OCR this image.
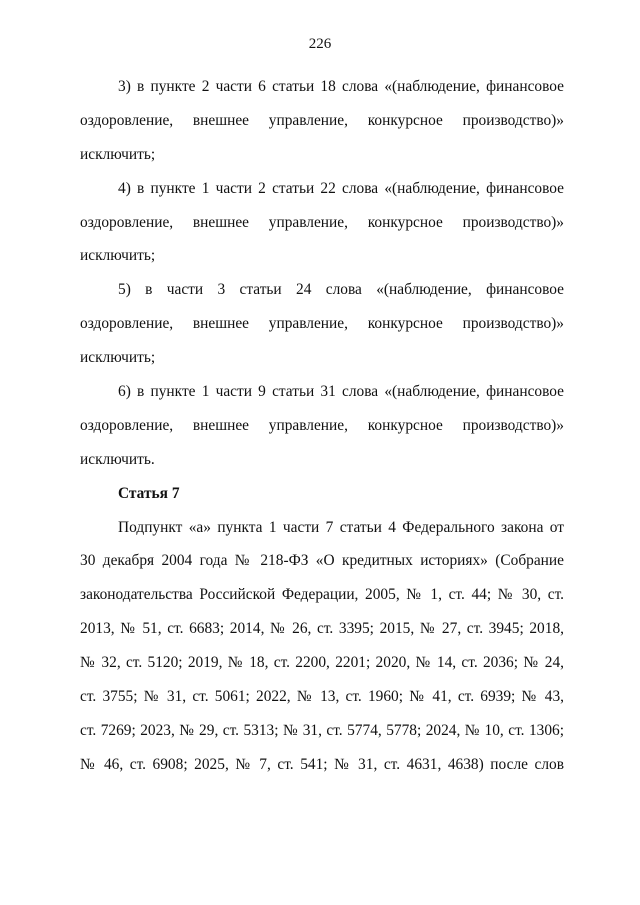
226
3) в пункте 2 части 6 статьи 18 слова «(наблюдение, финансовое
оздоровление, внешнее управление, конкурсное производство)»
исключить;
4) в пункте 1 части 2 статьи 22 слова «(наблюдение, финансовое
оздоровление, внешнее управление, конкурсное производство)»
исключить;
5) в части 3 статьи 24 слова «(наблюдение, финансовое
оздоровление, внешнее управление, конкурсное производство)»
исключить;
6) в пункте 1 части 9 статьи 31 слова «(наблюдение, финансовое
оздоровление, внешнее управление, конкурсное производство)»
исключить.
Статья 7
Подпункт «а» пункта 1 части 7 статьи 4 Федерального закона от
30 декабря 2004 года № 218-ФЗ «О кредитных историях» (Собрание
законодательства Российской Федерации, 2005, № 1, ст. 44; № 30, ст.
2013, № 51, ст. 6683; 2014, № 26, ст. 3395; 2015, № 27, ст. 3945; 2018,
№ 32, ст. 5120; 2019, № 18, ст. 2200, 2201; 2020, № 14, ст. 2036; № 24,
ст. 3755; № 31, ст. 5061; 2022, № 13, ст. 1960; № 41, ст. 6939; № 43,
ст. 7269; 2023, № 29, ст. 5313; № 31, ст. 5774, 5778; 2024, № 10, ст. 1306;
№ 46, ст. 6908; 2025, № 7, ст. 541; № 31, ст. 4631, 4638) после слов
